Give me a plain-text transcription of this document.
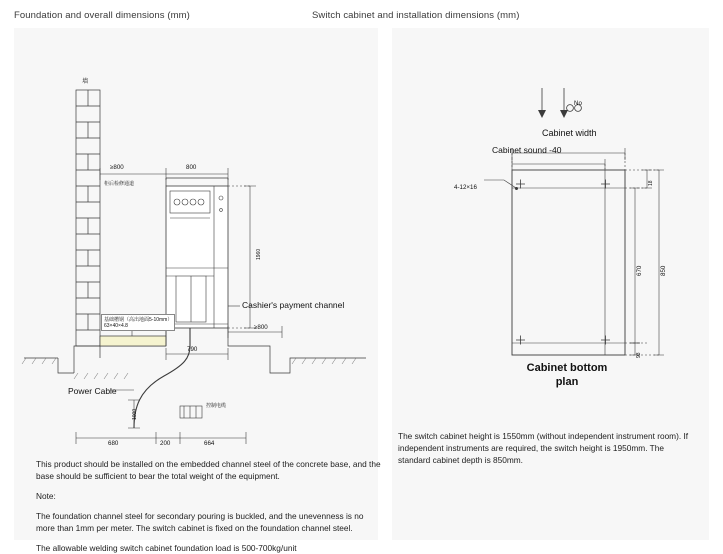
Foundation and overall dimensions (mm)	Switch cabinet and installation dimensions (mm)
墙
≥800
柜后检修通道
800
1960
≥800
基础槽钢（高出地面5-10mm）
63×40×4.8
Power Cable
Cashier's payment channel
790
680	200	664
1000
控制电缆

This product should be installed on the embedded channel steel of the concrete base, and the base should be sufficient to bear the total weight of the equipment.

Note:

The foundation channel steel for secondary pouring is buckled, and the unevenness is no more than 1mm per meter. The switch cabinet is fixed on the foundation channel steel.

The allowable welding switch cabinet foundation load is 500-700kg/unit

No
Cabinet width
Cabinet sound -40
4-12×16
18
670	850
93
Cabinet bottom
plan

The switch cabinet height is 1550mm (without independent instrument room). If independent instruments are required, the switch height is 1950mm. The standard cabinet depth is 850mm.
